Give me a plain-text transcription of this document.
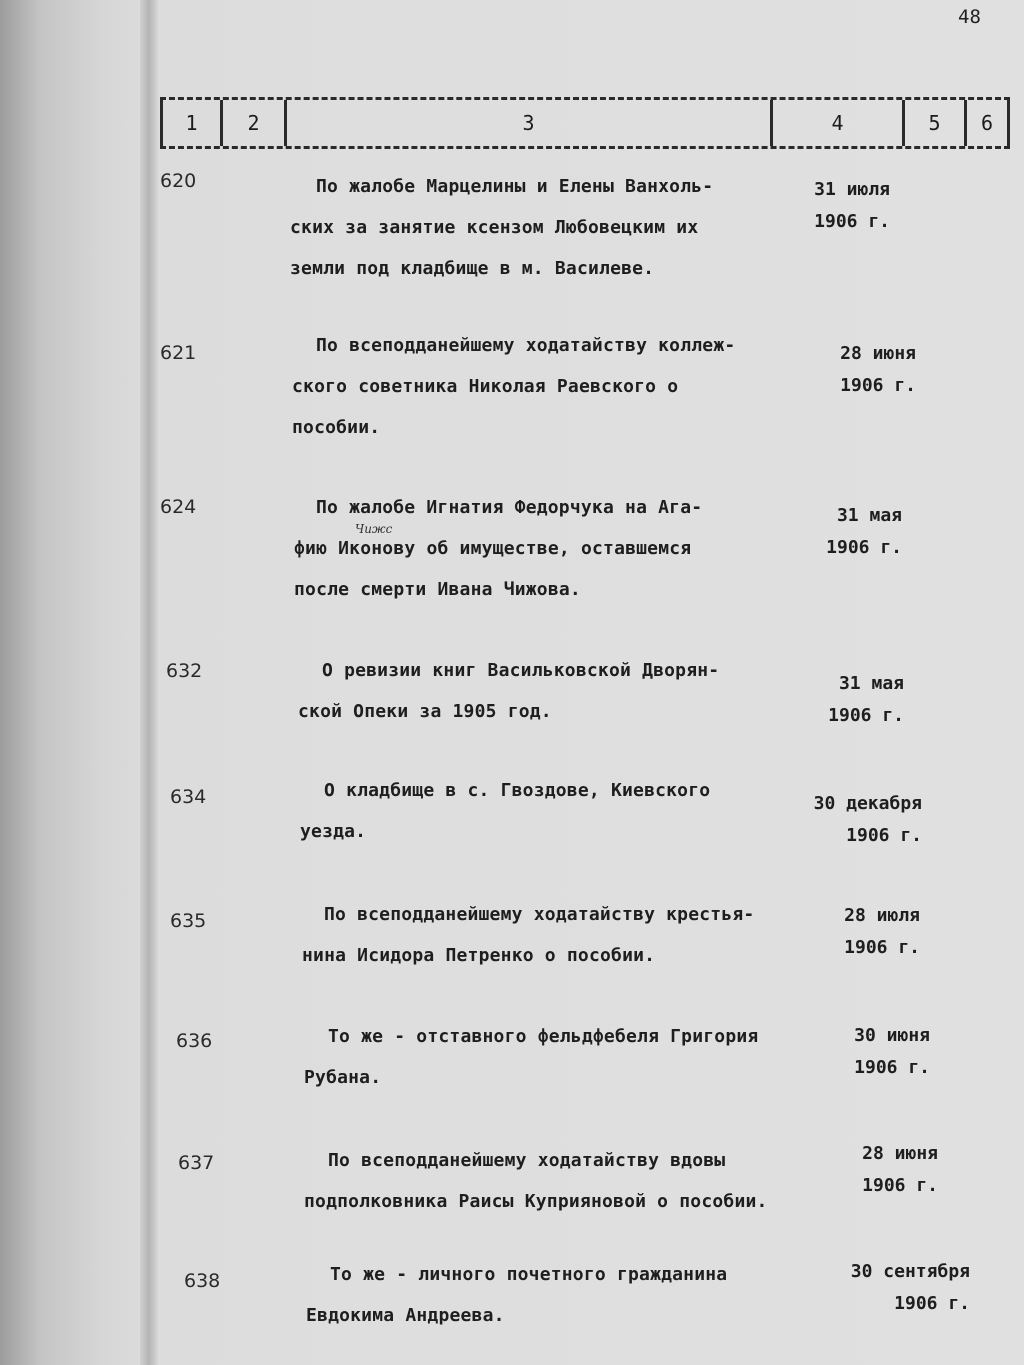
48
1	2	3	4	5	6
620	По жалобе Марцелины и Елены Ванхоль-
ских за занятие ксензом Любовецким их
земли под кладбище в м. Василеве.
31 июля
1906 г.
621	По всеподданейшему ходатайству коллеж-
ского советника Николая Раевского о
пособии.
28 июня
1906 г.
624
Чижс
По жалобе Игнатия Федорчука на Ага-
фию Иконову об имуществе, оставшемся
после смерти Ивана Чижова.
31 мая
1906 г.
632	О ревизии книг Васильковской Дворян-
ской Опеки за 1905 год.
31 мая
1906 г.
634	О кладбище в с. Гвоздове, Киевского
уезда.
30 декабря
1906 г.
635	По всеподданейшему ходатайству крестья-
нина Исидора Петренко о пособии.
28 июля
1906 г.
636	То же - отставного фельдфебеля Григория
Рубана.
30 июня
1906 г.
637	По всеподданейшему ходатайству вдовы
подполковника Раисы Куприяновой о пособии.
28 июня
1906 г.
638	То же - личного почетного гражданина
Евдокима Андреева.
30 сентября
1906 г.
